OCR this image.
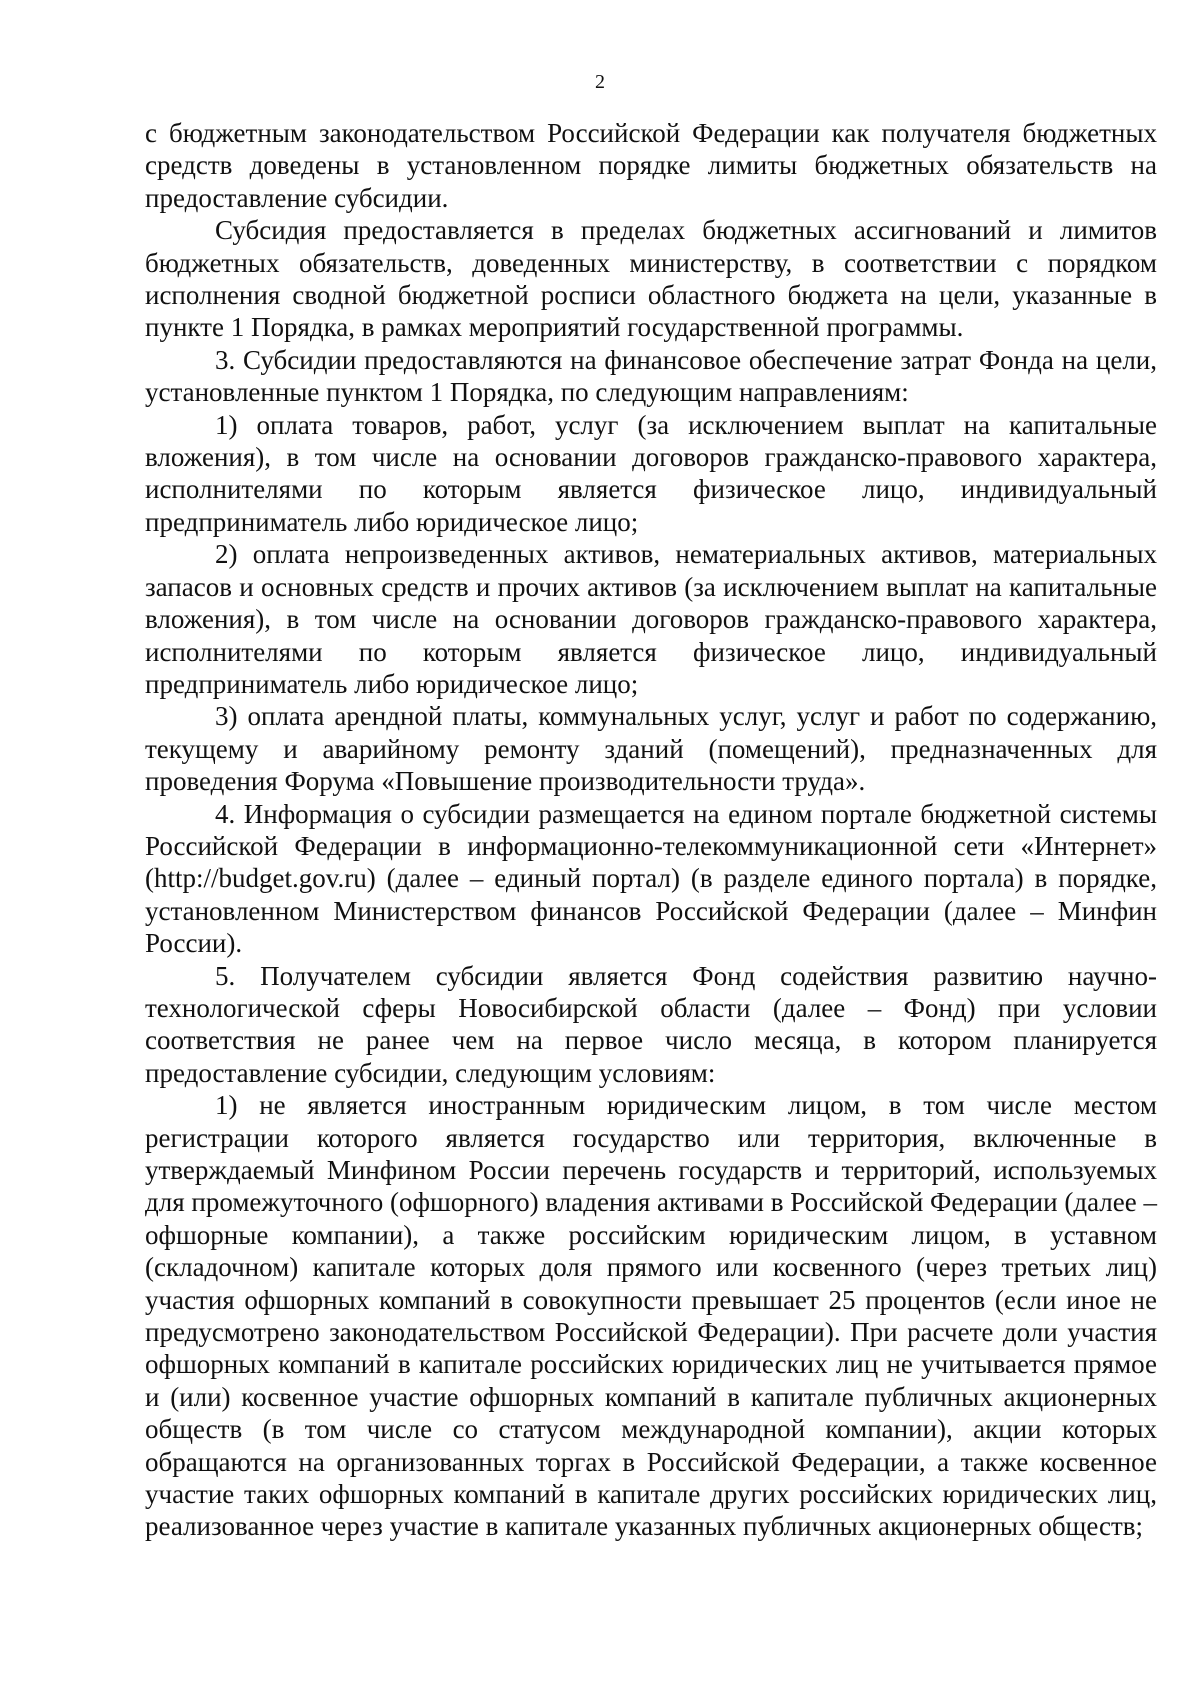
2

с бюджетным законодательством Российской Федерации как получателя бюджетных средств доведены в установленном порядке лимиты бюджетных обязательств на предоставление субсидии.

Субсидия предоставляется в пределах бюджетных ассигнований и лимитов бюджетных обязательств, доведенных министерству, в соответствии с порядком исполнения сводной бюджетной росписи областного бюджета на цели, указанные в пункте 1 Порядка, в рамках мероприятий государственной программы.

3. Субсидии предоставляются на финансовое обеспечение затрат Фонда на цели, установленные пунктом 1 Порядка, по следующим направлениям:

1) оплата товаров, работ, услуг (за исключением выплат на капитальные вложения), в том числе на основании договоров гражданско-правового характера, исполнителями по которым является физическое лицо, индивидуальный предприниматель либо юридическое лицо;

2) оплата непроизведенных активов, нематериальных активов, материальных запасов и основных средств и прочих активов (за исключением выплат на капитальные вложения), в том числе на основании договоров гражданско-правового характера, исполнителями по которым является физическое лицо, индивидуальный предприниматель либо юридическое лицо;

3) оплата арендной платы, коммунальных услуг, услуг и работ по содержанию, текущему и аварийному ремонту зданий (помещений), предназначенных для проведения Форума «Повышение производительности труда».

4. Информация о субсидии размещается на едином портале бюджетной системы Российской Федерации в информационно-телекоммуникационной сети «Интернет» (http://budget.gov.ru) (далее – единый портал) (в разделе единого портала) в порядке, установленном Министерством финансов Российской Федерации (далее – Минфин России).

5. Получателем субсидии является Фонд содействия развитию научно-технологической сферы Новосибирской области (далее – Фонд) при условии соответствия не ранее чем на первое число месяца, в котором планируется предоставление субсидии, следующим условиям:

1) не является иностранным юридическим лицом, в том числе местом регистрации которого является государство или территория, включенные в утверждаемый Минфином России перечень государств и территорий, используемых для промежуточного (офшорного) владения активами в Российской Федерации (далее – офшорные компании), а также российским юридическим лицом, в уставном (складочном) капитале которых доля прямого или косвенного (через третьих лиц) участия офшорных компаний в совокупности превышает 25 процентов (если иное не предусмотрено законодательством Российской Федерации). При расчете доли участия офшорных компаний в капитале российских юридических лиц не учитывается прямое и (или) косвенное участие офшорных компаний в капитале публичных акционерных обществ (в том числе со статусом международной компании), акции которых обращаются на организованных торгах в Российской Федерации, а также косвенное участие таких офшорных компаний в капитале других российских юридических лиц, реализованное через участие в капитале указанных публичных акционерных обществ;
